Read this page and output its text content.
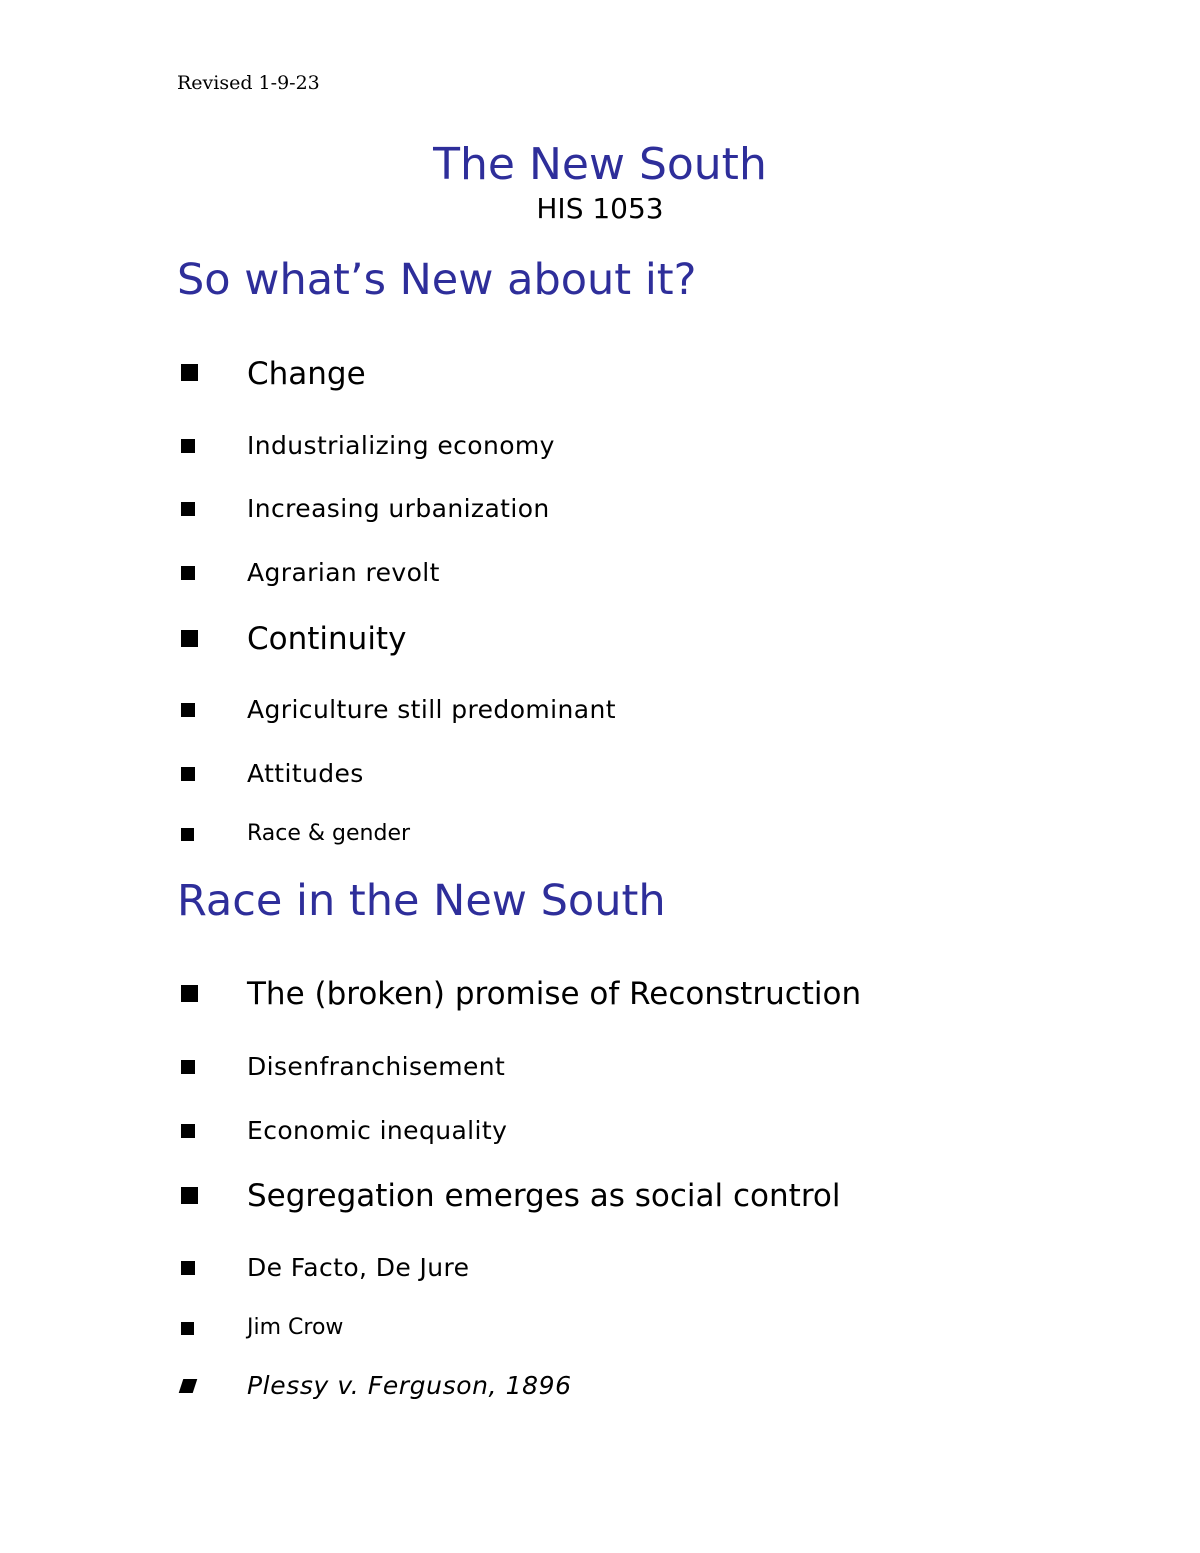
Revised 1-9-23
The New South
HIS 1053
So what’s New about it?
Change
Industrializing economy
Increasing urbanization
Agrarian revolt
Continuity
Agriculture still predominant
Attitudes
Race & gender
Race in the New South
The (broken) promise of Reconstruction
Disenfranchisement
Economic inequality
Segregation emerges as social control
De Facto, De Jure
Jim Crow
Plessy v. Ferguson, 1896
